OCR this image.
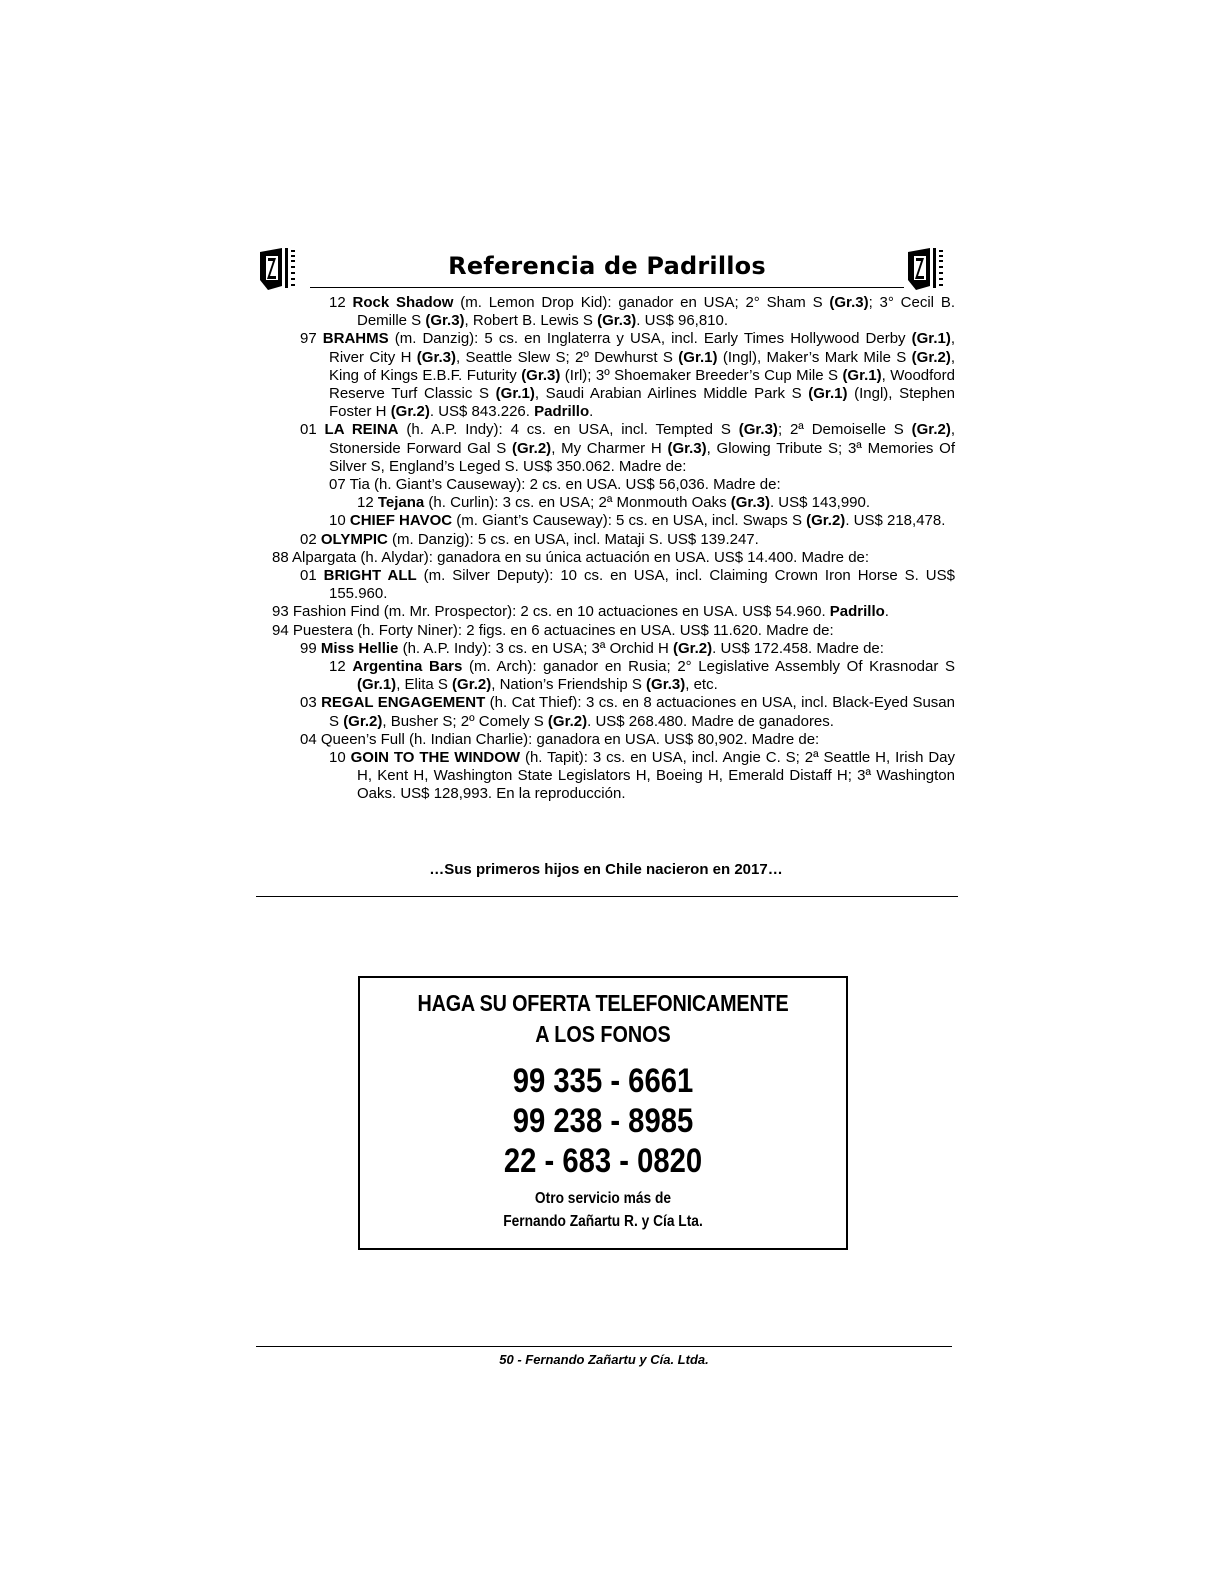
Referencia de Padrillos

12 Rock Shadow (m. Lemon Drop Kid): ganador en USA; 2° Sham S (Gr.3); 3° Cecil B. Demille S (Gr.3), Robert B. Lewis S (Gr.3). US$ 96,810.

97 BRAHMS (m. Danzig): 5 cs. en Inglaterra y USA, incl. Early Times Hollywood Derby (Gr.1), River City H (Gr.3), Seattle Slew S; 2º Dewhurst S (Gr.1) (Ingl), Maker’s Mark Mile S (Gr.2), King of Kings E.B.F. Futurity (Gr.3) (Irl); 3º Shoemaker Breeder’s Cup Mile S (Gr.1), Woodford Reserve Turf Classic S (Gr.1), Saudi Arabian Airlines Middle Park S (Gr.1) (Ingl), Stephen Foster H (Gr.2). US$ 843.226. Padrillo.

01 LA REINA (h. A.P. Indy): 4 cs. en USA, incl. Tempted S (Gr.3); 2ª Demoiselle S (Gr.2), Stonerside Forward Gal S (Gr.2), My Charmer H (Gr.3), Glowing Tribute S; 3ª Memories Of Silver S, England’s Leged S. US$ 350.062. Madre de:

07 Tia (h. Giant’s Causeway): 2 cs. en USA. US$ 56,036. Madre de:

12 Tejana (h. Curlin): 3 cs. en USA; 2ª Monmouth Oaks (Gr.3). US$ 143,990.

10 CHIEF HAVOC (m. Giant’s Causeway): 5 cs. en USA, incl. Swaps S (Gr.2). US$ 218,478.

02 OLYMPIC (m. Danzig): 5 cs. en USA, incl. Mataji S. US$ 139.247.

88 Alpargata (h. Alydar): ganadora en su única actuación en USA. US$ 14.400. Madre de:

01 BRIGHT ALL (m. Silver Deputy): 10 cs. en USA, incl. Claiming Crown Iron Horse S. US$ 155.960.

93 Fashion Find (m. Mr. Prospector): 2 cs. en 10 actuaciones en USA. US$ 54.960. Padrillo.

94 Puestera (h. Forty Niner): 2 figs. en 6 actuacines en USA. US$ 11.620. Madre de:

99 Miss Hellie (h. A.P. Indy): 3 cs. en USA; 3ª Orchid H (Gr.2). US$ 172.458. Madre de:

12 Argentina Bars (m. Arch): ganador en Rusia; 2° Legislative Assembly Of Krasnodar S (Gr.1), Elita S (Gr.2), Nation’s Friendship S (Gr.3), etc.

03 REGAL ENGAGEMENT (h. Cat Thief): 3 cs. en 8 actuaciones en USA, incl. Black-Eyed Susan S (Gr.2), Busher S; 2º Comely S (Gr.2). US$ 268.480. Madre de ganadores.

04 Queen’s Full (h. Indian Charlie): ganadora en USA. US$ 80,902. Madre de:

10 GOIN TO THE WINDOW (h. Tapit): 3 cs. en USA, incl. Angie C. S; 2ª Seattle H, Irish Day H, Kent H, Washington State Legislators H, Boeing H, Emerald Distaff H; 3ª Washington Oaks. US$ 128,993. En la reproducción.

…Sus primeros hijos en Chile nacieron en 2017…
HAGA SU OFERTA TELEFONICAMENTE
A LOS FONOS
99 335 - 6661
99 238 - 8985
22 - 683 - 0820
Otro servicio más de
Fernando Zañartu R. y Cía Lta.
50 - Fernando Zañartu y Cía. Ltda.
